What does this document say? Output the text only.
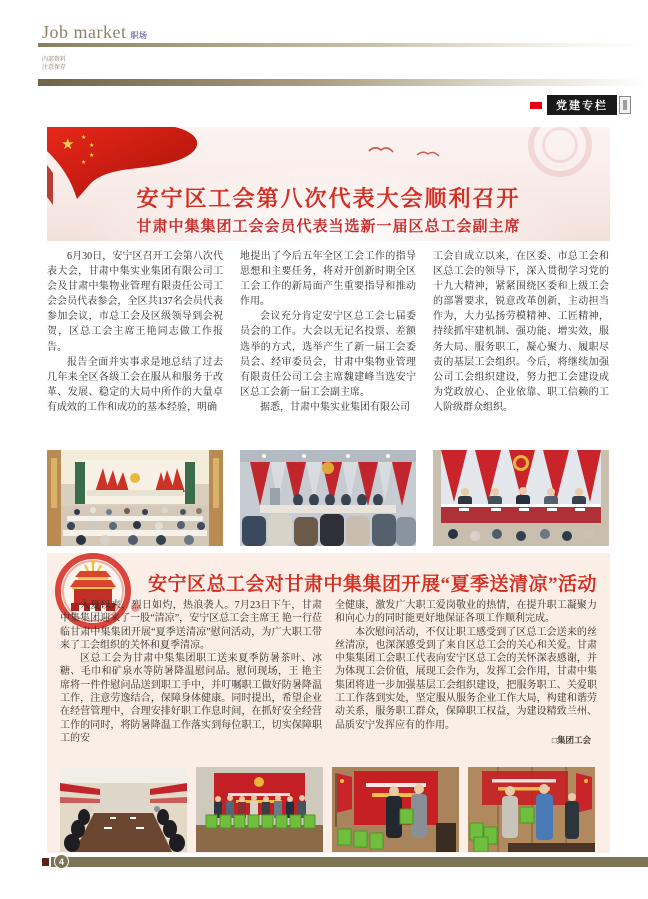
Job market 职场
内部资料
注意保存
党建专栏
★ ★
★
★
★
安宁区工会第八次代表大会顺利召开
甘肃中集集团工会会员代表当选新一届区总工会副主席

6月30日，安宁区召开工会第八次代表大会，甘肃中集实业集团有限公司工会及甘肃中集物业管理有限责任公司工会会员代表参会，全区共137名会员代表参加会议，市总工会及区级领导到会祝贺，区总工会主席王艳同志做工作报告。

报告全面并实事求是地总结了过去几年来全区各级工会在服从和服务于改革、发展、稳定的大局中所作的大量卓有成效的工作和成功的基本经验，明确

地提出了今后五年全区工会工作的指导思想和主要任务，将对开创新时期全区工会工作的新局面产生重要指导和推动作用。

会议充分肯定安宁区总工会七届委员会的工作。大会以无记名投票、差额选举的方式，选举产生了新一届工会委员会、经审委员会，甘肃中集物业管理有限责任公司工会主席魏建峰当选安宁区总工会新一届工会副主席。

据悉，甘肃中集实业集团有限公司

工会自成立以来，在区委、市总工会和区总工会的领导下，深入贯彻学习党的十九大精神，紧紧围绕区委和上级工会的部署要求，锐意改革创新，主动担当作为，大力弘扬劳模精神、工匠精神，持续抓牢建机制、强功能、增实效，服务大局、服务职工，凝心聚力、履职尽责的基层工会组织。今后，将继续加强公司工会组织建设，努力把工会建设成为党政放心、企业依靠、职工信赖的工人阶级群众组织。

安宁区总工会对甘肃中集集团开展“夏季送清凉”活动

入夏以来，烈日如灼，热浪袭人。7月23日下午，甘肃中集集团迎来了一股“清凉”，安宁区总工会主席王 艳一行莅临甘肃中集集团开展“夏季送清凉”慰问活动，为广大职工带来了工会组织的关怀和夏季清凉。

区总工会为甘肃中集集团职工送来夏季防暑茶叶、冰糖、毛巾和矿泉水等防暑降温慰问品。慰问现场，王 艳主席将一件件慰问品送到职工手中，并叮嘱职工做好防暑降温工作，注意劳逸结合，保障身体健康。同时提出，希望企业在经营管理中，合理安排好职工作息时间，在抓好安全经营工作的同时，将防暑降温工作落实到每位职工，切实保障职工的安

全健康，激发广大职工爱岗敬业的热情，在提升职工凝聚力和向心力的同时能更好地保证各项工作顺利完成。

本次慰问活动，不仅让职工感受到了区总工会送来的丝丝清凉，也深深感受到了来自区总工会的关心和关爱。甘肃中集集团工会职工代表向安宁区总工会的关怀深表感谢，并为体现工会价值，展现工会作为，发挥工会作用，甘肃中集集团将进一步加强基层工会组织建设，把服务职工、关爱职工工作落到实处，坚定服从服务企业工作大局，构建和谐劳动关系，服务职工群众，保障职工权益，为建设精致兰州、品质安宁发挥应有的作用。

□集团工会
4
